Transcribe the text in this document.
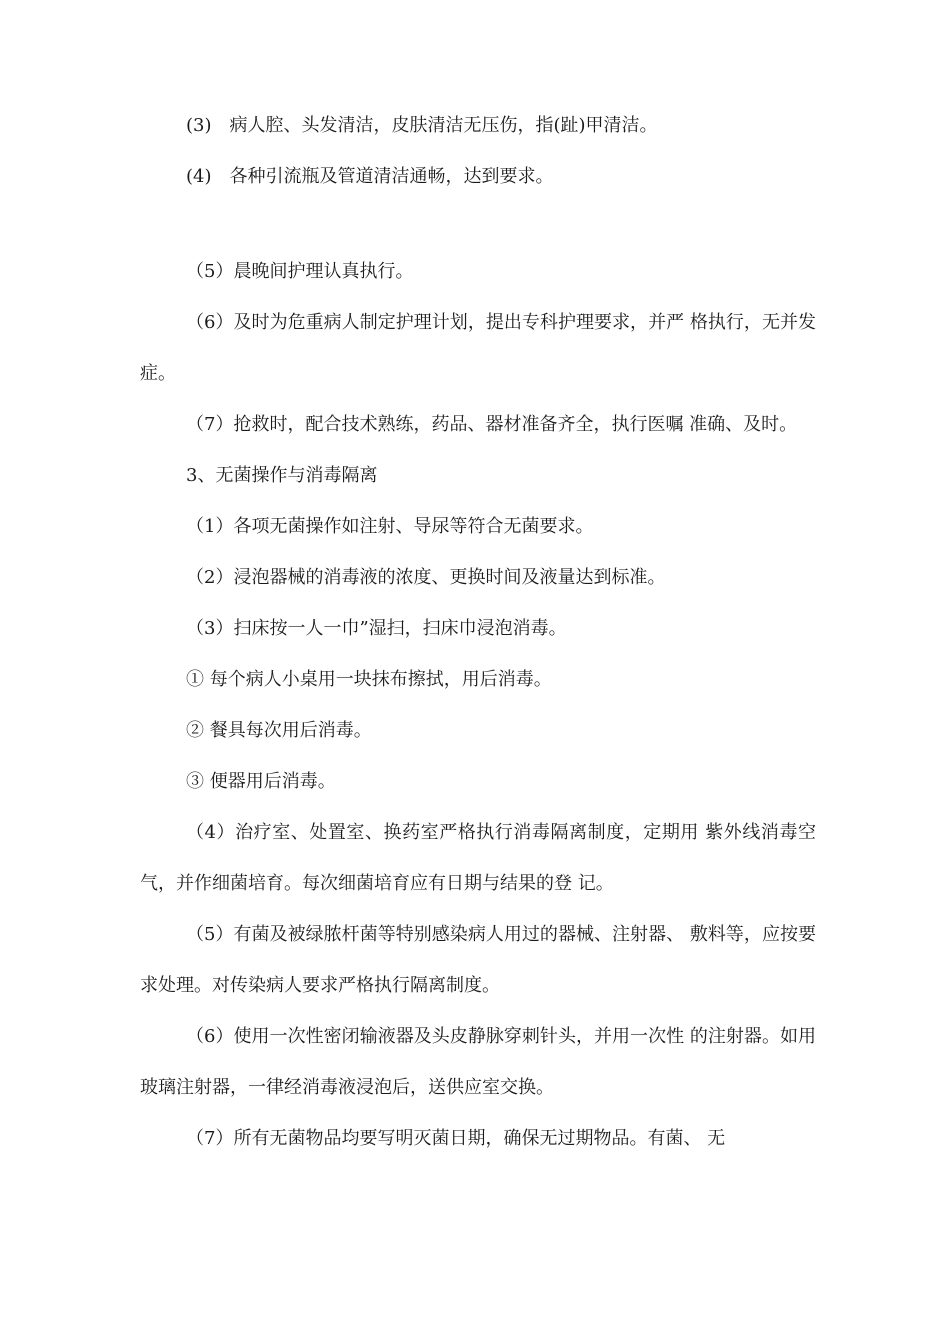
(3)　病人腔、头发清洁，皮肤清洁无压伤，指(趾)甲清洁。

(4)　各种引流瓶及管道清洁通畅，达到要求。

（5）晨晚间护理认真执行。

（6）及时为危重病人制定护理计划，提出专科护理要求，并严 格执行，无并发症。

（7）抢救时，配合技术熟练，药品、器材准备齐全，执行医嘱 准确、及时。

3、无菌操作与消毒隔离

（1）各项无菌操作如注射、导尿等符合无菌要求。

（2）浸泡器械的消毒液的浓度、更换时间及液量达到标准。

（3）扫床按一人一巾”湿扫，扫床巾浸泡消毒。

① 每个病人小桌用一块抹布擦拭，用后消毒。

② 餐具每次用后消毒。

③ 便器用后消毒。

（4）治疗室、处置室、换药室严格执行消毒隔离制度，定期用 紫外线消毒空气，并作细菌培育。每次细菌培育应有日期与结果的登 记。

（5）有菌及被绿脓杆菌等特别感染病人用过的器械、注射器、 敷料等，应按要求处理。对传染病人要求严格执行隔离制度。

（6）使用一次性密闭输液器及头皮静脉穿刺针头，并用一次性 的注射器。如用玻璃注射器，一律经消毒液浸泡后，送供应室交换。

（7）所有无菌物品均要写明灭菌日期，确保无过期物品。有菌、 无
